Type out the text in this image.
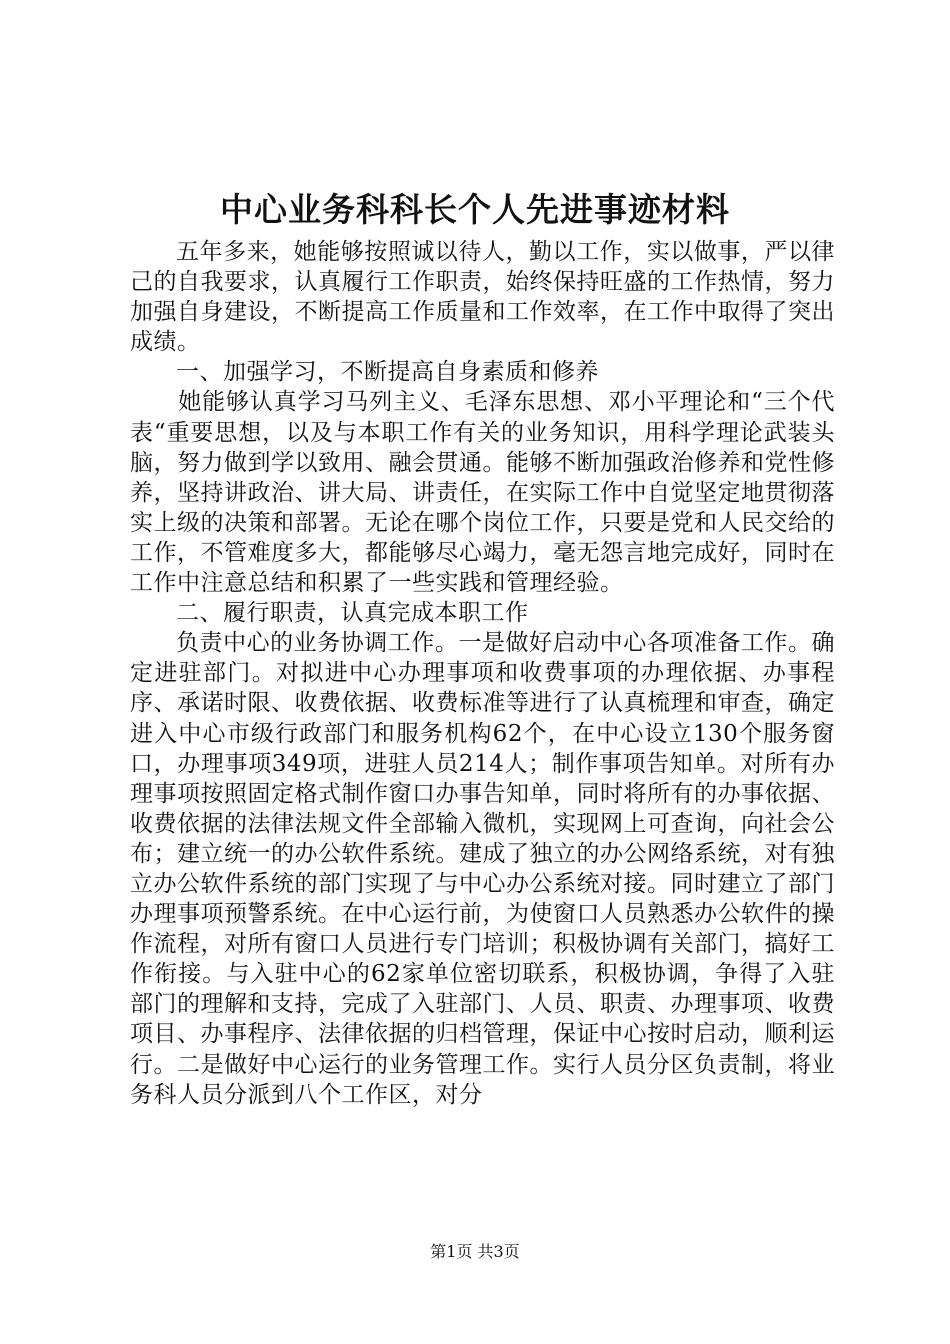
中心业务科科长个人先进事迹材料

五年多来，她能够按照诚以待人，勤以工作，实以做事，严以律己的自我要求，认真履行工作职责，始终保持旺盛的工作热情，努力加强自身建设，不断提高工作质量和工作效率，在工作中取得了突出成绩。

一、加强学习，不断提高自身素质和修养

她能够认真学习马列主义、毛泽东思想、邓小平理论和“三个代表“重要思想，以及与本职工作有关的业务知识，用科学理论武装头脑，努力做到学以致用、融会贯通。能够不断加强政治修养和党性修养，坚持讲政治、讲大局、讲责任，在实际工作中自觉坚定地贯彻落实上级的决策和部署。无论在哪个岗位工作，只要是党和人民交给的工作，不管难度多大，都能够尽心竭力，毫无怨言地完成好，同时在工作中注意总结和积累了一些实践和管理经验。

二、履行职责，认真完成本职工作

负责中心的业务协调工作。一是做好启动中心各项准备工作。确定进驻部门。对拟进中心办理事项和收费事项的办理依据、办事程序、承诺时限、收费依据、收费标准等进行了认真梳理和审查，确定进入中心市级行政部门和服务机构62个，在中心设立130个服务窗口，办理事项349项，进驻人员214人；制作事项告知单。对所有办理事项按照固定格式制作窗口办事告知单，同时将所有的办事依据、收费依据的法律法规文件全部输入微机，实现网上可查询，向社会公布；建立统一的办公软件系统。建成了独立的办公网络系统，对有独立办公软件系统的部门实现了与中心办公系统对接。同时建立了部门办理事项预警系统。在中心运行前，为使窗口人员熟悉办公软件的操作流程，对所有窗口人员进行专门培训；积极协调有关部门，搞好工作衔接。与入驻中心的62家单位密切联系，积极协调，争得了入驻部门的理解和支持，完成了入驻部门、人员、职责、办理事项、收费项目、办事程序、法律依据的归档管理，保证中心按时启动，顺利运行。二是做好中心运行的业务管理工作。实行人员分区负责制，将业务科人员分派到八个工作区，对分

第1页 共3页
